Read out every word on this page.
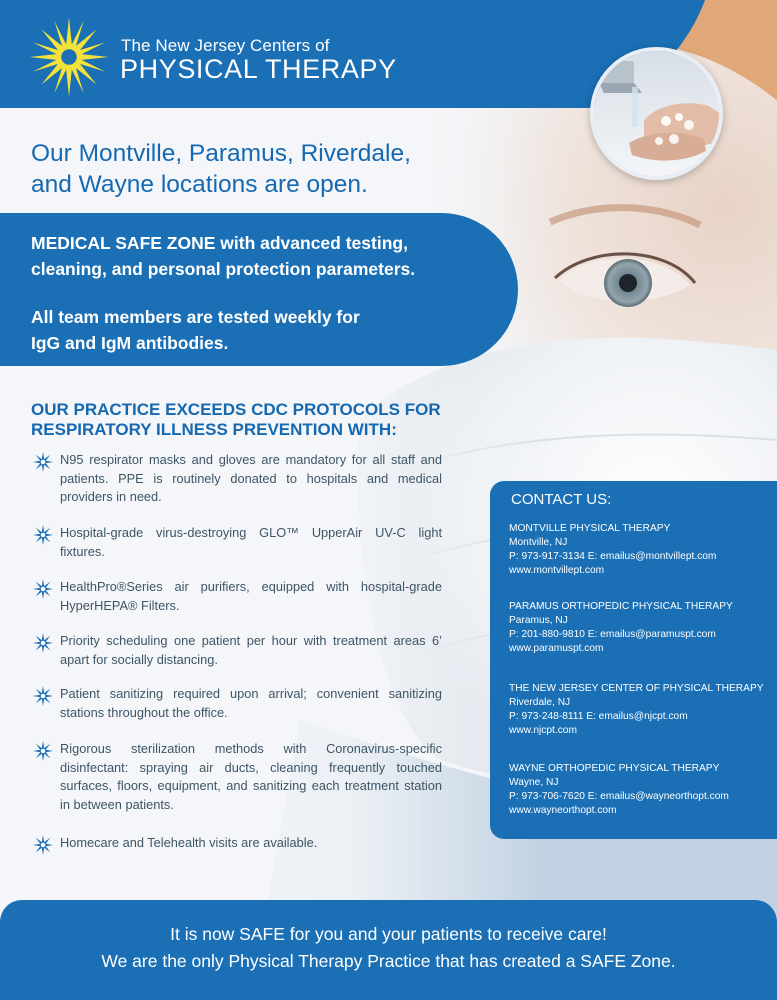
The New Jersey Centers of
PHYSICAL THERAPY
Our Montville, Paramus, Riverdale,
and Wayne locations are open.
MEDICAL SAFE ZONE with advanced testing,
cleaning, and personal protection parameters.
All team members are tested weekly for
IgG and IgM antibodies.
OUR PRACTICE EXCEEDS CDC PROTOCOLS FOR
RESPIRATORY ILLNESS PREVENTION WITH:
N95 respirator masks and gloves are mandatory for all staff and patients. PPE is routinely donated to hospitals and medical providers in need.
Hospital-grade virus-destroying GLO™ UpperAir UV-C light fixtures.
HealthPro®Series air purifiers, equipped with hospital-grade HyperHEPA® Filters.
Priority scheduling one patient per hour with treatment areas 6’ apart for socially distancing.
Patient sanitizing required upon arrival; convenient sanitizing stations throughout the office.
Rigorous sterilization methods with Coronavirus-specific disinfectant: spraying air ducts, cleaning frequently touched surfaces, floors, equipment, and sanitizing each treatment station in between patients.
Homecare and Telehealth visits are available.
CONTACT US:
MONTVILLE PHYSICAL THERAPY
Montville, NJ
P: 973-917-3134 E: emailus@montvillept.com
www.montvillept.com
PARAMUS ORTHOPEDIC PHYSICAL THERAPY
Paramus, NJ
P: 201-880-9810 E: emailus@paramuspt.com
www.paramuspt.com
THE NEW JERSEY CENTER OF PHYSICAL THERAPY
Riverdale, NJ
P: 973-248-8111 E: emailus@njcpt.com
www.njcpt.com
WAYNE ORTHOPEDIC PHYSICAL THERAPY
Wayne, NJ
P: 973-706-7620 E: emailus@wayneorthopt.com
www.wayneorthopt.com
It is now SAFE for you and your patients to receive care!
We are the only Physical Therapy Practice that has created a SAFE Zone.
